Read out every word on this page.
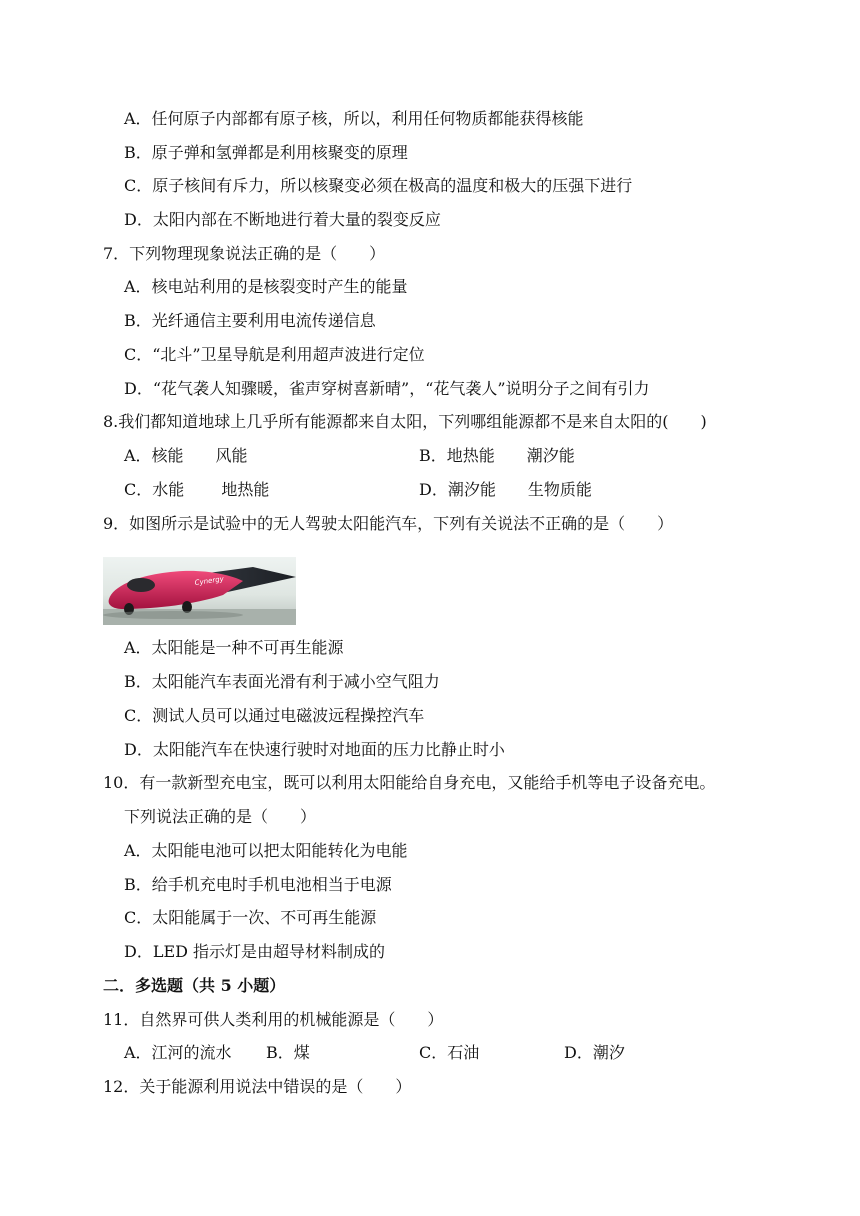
A．任何原子内部都有原子核，所以，利用任何物质都能获得核能
B．原子弹和氢弹都是利用核聚变的原理
C．原子核间有斥力，所以核聚变必须在极高的温度和极大的压强下进行
D．太阳内部在不断地进行着大量的裂变反应
7．下列物理现象说法正确的是（　　）
A．核电站利用的是核裂变时产生的能量
B．光纤通信主要利用电流传递信息
C．“北斗”卫星导航是利用超声波进行定位
D．“花气袭人知骤暖，雀声穿树喜新晴”，“花气袭人”说明分子之间有引力
8.我们都知道地球上几乎所有能源都来自太阳，下列哪组能源都不是来自太阳的(　　)
A．核能　　风能	B．地热能　　潮汐能
C．水能　　 地热能	D．潮汐能　　生物质能
9．如图所示是试验中的无人驾驶太阳能汽车，下列有关说法不正确的是（　　）
Cynergy
A．太阳能是一种不可再生能源
B．太阳能汽车表面光滑有利于减小空气阻力
C．测试人员可以通过电磁波远程操控汽车
D．太阳能汽车在快速行驶时对地面的压力比静止时小
10．有一款新型充电宝，既可以利用太阳能给自身充电，又能给手机等电子设备充电。
下列说法正确的是（　　）
A．太阳能电池可以把太阳能转化为电能
B．给手机充电时手机电池相当于电源
C．太阳能属于一次、不可再生能源
D．LED 指示灯是由超导材料制成的
二．多选题（共 5 小题）
11．自然界可供人类利用的机械能源是（　　）
A．江河的流水 B．煤	C．石油	D．潮汐
12．关于能源利用说法中错误的是（　　）
